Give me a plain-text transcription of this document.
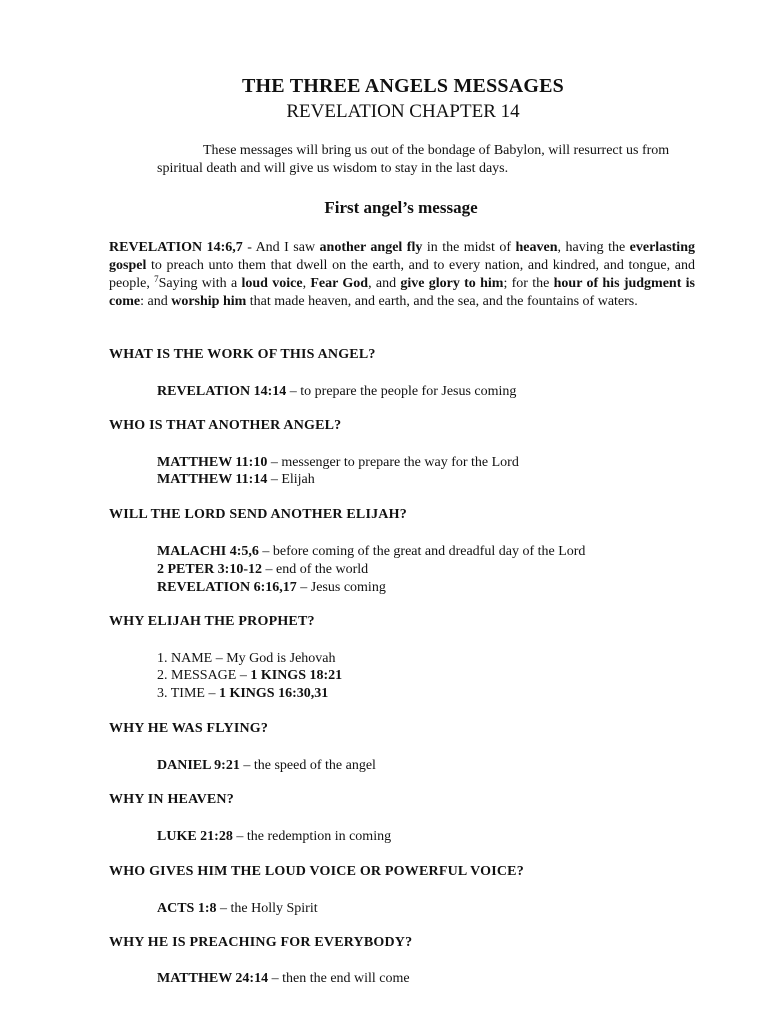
THE THREE ANGELS MESSAGES
REVELATION CHAPTER 14
These messages will bring us out of the bondage of Babylon, will resurrect us from spiritual death and will give us wisdom to stay in the last days.
First angel’s message
REVELATION 14:6,7 - And I saw another angel fly in the midst of heaven, having the everlasting gospel to preach unto them that dwell on the earth, and to every nation, and kindred, and tongue, and people, $^7$Saying with a loud voice, Fear God, and give glory to him; for the hour of his judgment is come: and worship him that made heaven, and earth, and the sea, and the fountains of waters.
WHAT IS THE WORK OF THIS ANGEL?
REVELATION 14:14 – to prepare the people for Jesus coming
WHO IS THAT ANOTHER ANGEL?
MATTHEW 11:10 – messenger to prepare the way for the Lord
MATTHEW 11:14 – Elijah
WILL THE LORD SEND ANOTHER ELIJAH?
MALACHI 4:5,6 – before coming of the great and dreadful day of the Lord
2 PETER 3:10-12 – end of the world
REVELATION 6:16,17 – Jesus coming
WHY ELIJAH THE PROPHET?
1. NAME – My God is Jehovah
2. MESSAGE – 1 KINGS 18:21
3. TIME – 1 KINGS 16:30,31
WHY HE WAS FLYING?
DANIEL 9:21 – the speed of the angel
WHY IN HEAVEN?
LUKE 21:28 – the redemption in coming
WHO GIVES HIM THE LOUD VOICE OR POWERFUL VOICE?
ACTS 1:8 – the Holly Spirit
WHY HE IS PREACHING FOR EVERYBODY?
MATTHEW 24:14 – then the end will come
